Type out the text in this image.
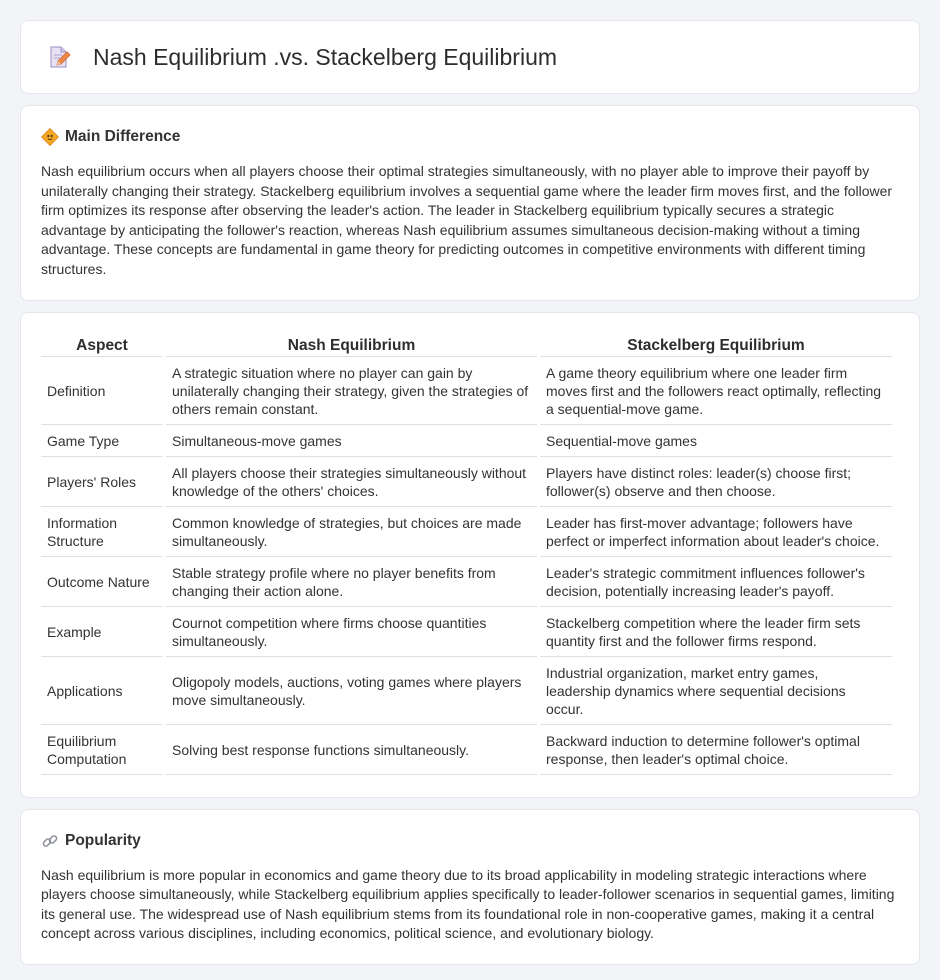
Nash Equilibrium .vs. Stackelberg Equilibrium
Main Difference

Nash equilibrium occurs when all players choose their optimal strategies simultaneously, with no player able to improve their payoff by unilaterally changing their strategy. Stackelberg equilibrium involves a sequential game where the leader firm moves first, and the follower firm optimizes its response after observing the leader's action. The leader in Stackelberg equilibrium typically secures a strategic advantage by anticipating the follower's reaction, whereas Nash equilibrium assumes simultaneous decision-making without a timing advantage. These concepts are fundamental in game theory for predicting outcomes in competitive environments with different timing structures.

Aspect	Nash Equilibrium	Stackelberg Equilibrium
Definition	A strategic situation where no player can gain by unilaterally changing their strategy, given the strategies of others remain constant.	A game theory equilibrium where one leader firm moves first and the followers react optimally, reflecting a sequential-move game.
Game Type	Simultaneous-move games	Sequential-move games
Players' Roles	All players choose their strategies simultaneously without knowledge of the others' choices.	Players have distinct roles: leader(s) choose first; follower(s) observe and then choose.
Information Structure	Common knowledge of strategies, but choices are made simultaneously.	Leader has first-mover advantage; followers have perfect or imperfect information about leader's choice.
Outcome Nature	Stable strategy profile where no player benefits from changing their action alone.	Leader's strategic commitment influences follower's decision, potentially increasing leader's payoff.
Example	Cournot competition where firms choose quantities simultaneously.	Stackelberg competition where the leader firm sets quantity first and the follower firms respond.
Applications	Oligopoly models, auctions, voting games where players move simultaneously.	Industrial organization, market entry games, leadership dynamics where sequential decisions occur.
Equilibrium Computation	Solving best response functions simultaneously.	Backward induction to determine follower's optimal response, then leader's optimal choice.
Popularity

Nash equilibrium is more popular in economics and game theory due to its broad applicability in modeling strategic interactions where players choose simultaneously, while Stackelberg equilibrium applies specifically to leader-follower scenarios in sequential games, limiting its general use. The widespread use of Nash equilibrium stems from its foundational role in non-cooperative games, making it a central concept across various disciplines, including economics, political science, and evolutionary biology.
